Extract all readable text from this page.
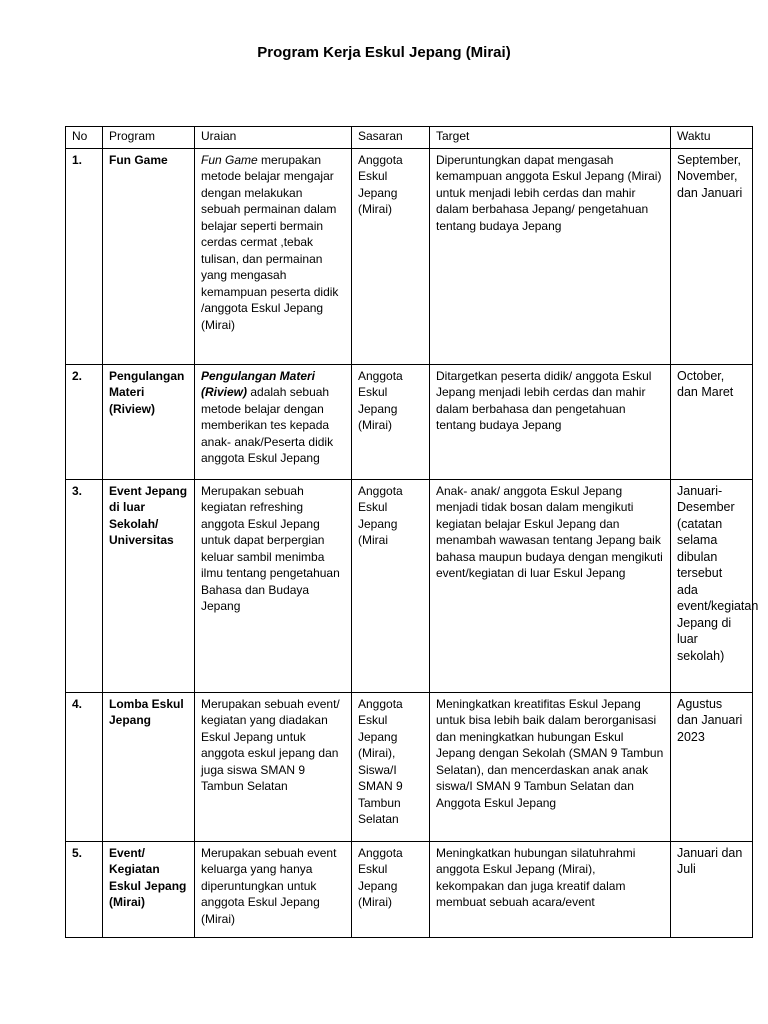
Program Kerja Eskul Jepang (Mirai)
No	Program	Uraian	Sasaran	Target	Waktu
1.	Fun Game	Fun Game merupakan metode belajar mengajar dengan melakukan sebuah permainan dalam belajar seperti bermain cerdas cermat ,tebak tulisan, dan permainan yang mengasah kemampuan peserta didik /anggota Eskul Jepang (Mirai)	Anggota Eskul Jepang (Mirai)	Diperuntungkan dapat mengasah kemampuan anggota Eskul Jepang (Mirai) untuk menjadi lebih cerdas dan mahir dalam berbahasa Jepang/ pengetahuan tentang budaya Jepang	September, November, dan Januari
2.	Pengulangan Materi (Riview)	Pengulangan Materi (Riview) adalah sebuah metode belajar dengan memberikan tes kepada anak- anak/Peserta didik anggota Eskul Jepang	Anggota Eskul Jepang (Mirai)	Ditargetkan peserta didik/ anggota Eskul Jepang menjadi lebih cerdas dan mahir dalam berbahasa dan pengetahuan tentang budaya Jepang	October, dan Maret
3.	Event Jepang di luar Sekolah/ Universitas	Merupakan sebuah kegiatan refreshing anggota Eskul Jepang untuk dapat berpergian keluar sambil menimba ilmu tentang pengetahuan Bahasa dan Budaya Jepang	Anggota Eskul Jepang (Mirai	Anak- anak/ anggota Eskul Jepang menjadi tidak bosan dalam mengikuti kegiatan belajar Eskul Jepang dan menambah wawasan tentang Jepang baik bahasa maupun budaya dengan mengikuti event/kegiatan di luar Eskul Jepang	Januari- Desember (catatan selama dibulan tersebut ada event/kegiatan Jepang di luar sekolah)
4.	Lomba Eskul Jepang	Merupakan sebuah event/ kegiatan yang diadakan Eskul Jepang untuk anggota eskul jepang dan juga siswa SMAN 9 Tambun Selatan	Anggota Eskul Jepang (Mirai), Siswa/I SMAN 9 Tambun Selatan	Meningkatkan kreatifitas Eskul Jepang untuk bisa lebih baik dalam berorganisasi dan meningkatkan hubungan Eskul Jepang dengan Sekolah (SMAN 9 Tambun Selatan), dan mencerdaskan anak anak siswa/I SMAN 9 Tambun Selatan dan Anggota Eskul Jepang	Agustus dan Januari 2023
5.	Event/ Kegiatan Eskul Jepang (Mirai)	Merupakan sebuah event keluarga yang hanya diperuntungkan untuk anggota Eskul Jepang (Mirai)	Anggota Eskul Jepang (Mirai)	Meningkatkan hubungan silatuhrahmi anggota Eskul Jepang (Mirai), kekompakan dan juga kreatif dalam membuat sebuah acara/event	Januari dan Juli
